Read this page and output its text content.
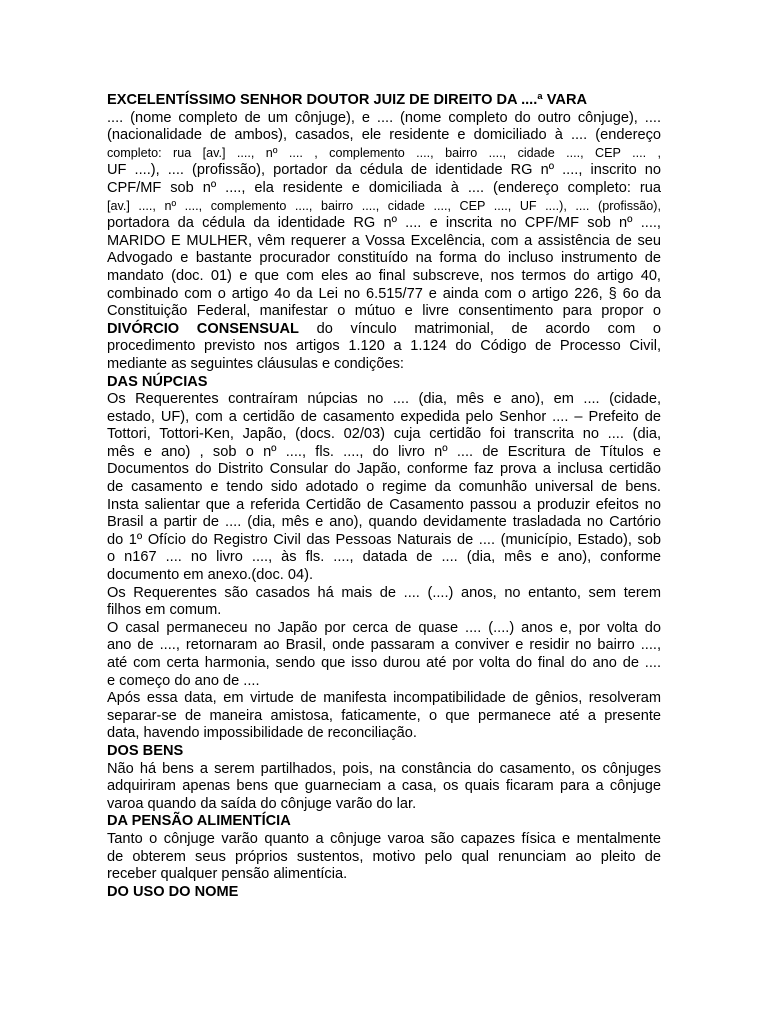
EXCELENTÍSSIMO SENHOR DOUTOR JUIZ DE DIREITO DA ....ª VARA
.... (nome completo de um cônjuge), e .... (nome completo do outro cônjuge), ....
(nacionalidade de ambos), casados, ele residente e domiciliado à .... (endereço
completo: rua [av.] ...., nº .... , complemento ...., bairro ...., cidade ...., CEP .... ,
UF ....), .... (profissão), portador da cédula de identidade RG nº ...., inscrito no
CPF/MF sob nº ...., ela residente e domiciliada à .... (endereço completo: rua
[av.] ...., nº ...., complemento ...., bairro ...., cidade ...., CEP ...., UF ....), .... (profissão),
portadora da cédula da identidade RG nº .... e inscrita no CPF/MF sob nº ....,
MARIDO E MULHER, vêm requerer a Vossa Excelência, com a assistência de seu
Advogado e bastante procurador constituído na forma do incluso instrumento de
mandato (doc. 01) e que com eles ao final subscreve, nos termos do artigo 40,
combinado com o artigo 4o da Lei no 6.515/77 e ainda com o artigo 226, § 6o da
Constituição Federal, manifestar o mútuo e livre consentimento para propor o
DIVÓRCIO CONSENSUAL do vínculo matrimonial, de acordo com o
procedimento previsto nos artigos 1.120 a 1.124 do Código de Processo Civil,
mediante as seguintes cláusulas e condições:
DAS NÚPCIAS
Os Requerentes contraíram núpcias no .... (dia, mês e ano), em .... (cidade,
estado, UF), com a certidão de casamento expedida pelo Senhor .... – Prefeito de
Tottori, Tottori-Ken, Japão, (docs. 02/03) cuja certidão foi transcrita no .... (dia,
mês e ano) , sob o nº ...., fls. ...., do livro nº .... de Escritura de Títulos e
Documentos do Distrito Consular do Japão, conforme faz prova a inclusa certidão
de casamento e tendo sido adotado o regime da comunhão universal de bens.
Insta salientar que a referida Certidão de Casamento passou a produzir efeitos no
Brasil a partir de .... (dia, mês e ano), quando devidamente trasladada no Cartório
do 1º Ofício do Registro Civil das Pessoas Naturais de .... (município, Estado), sob
o n167 .... no livro ...., às fls. ...., datada de .... (dia, mês e ano), conforme
documento em anexo.(doc. 04).
Os Requerentes são casados há mais de .... (....) anos, no entanto, sem terem
filhos em comum.
O casal permaneceu no Japão por cerca de quase .... (....) anos e, por volta do
ano de ...., retornaram ao Brasil, onde passaram a conviver e residir no bairro ....,
até com certa harmonia, sendo que isso durou até por volta do final do ano de ....
e começo do ano de ....
Após essa data, em virtude de manifesta incompatibilidade de gênios, resolveram
separar-se de maneira amistosa, faticamente, o que permanece até a presente
data, havendo impossibilidade de reconciliação.
DOS BENS
Não há bens a serem partilhados, pois, na constância do casamento, os cônjuges
adquiriram apenas bens que guarneciam a casa, os quais ficaram para a cônjuge
varoa quando da saída do cônjuge varão do lar.
DA PENSÃO ALIMENTÍCIA
Tanto o cônjuge varão quanto a cônjuge varoa são capazes física e mentalmente
de obterem seus próprios sustentos, motivo pelo qual renunciam ao pleito de
receber qualquer pensão alimentícia.
DO USO DO NOME
